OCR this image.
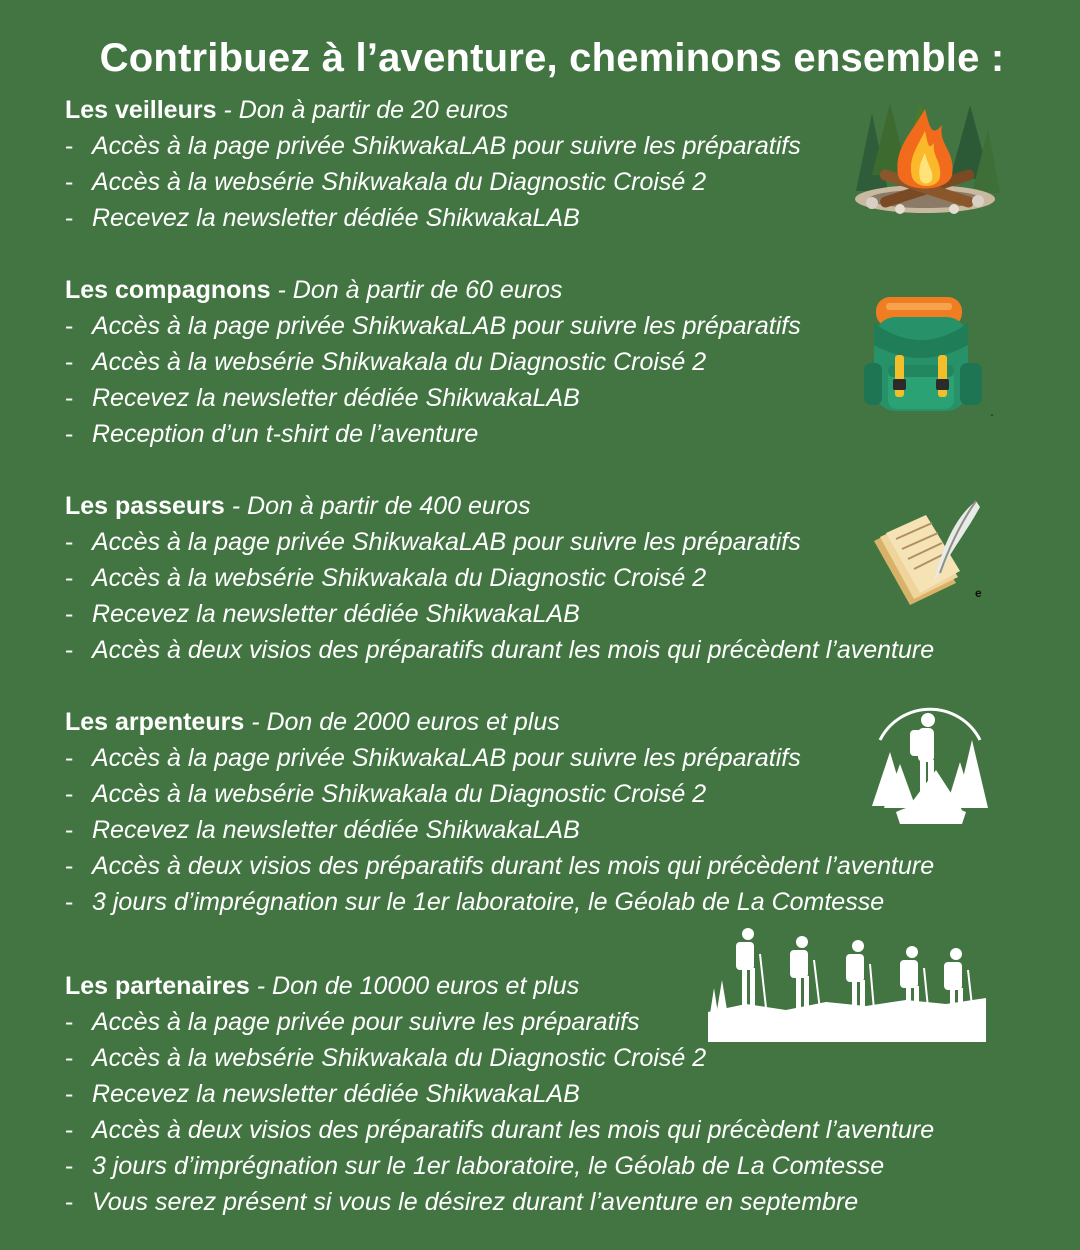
Contribuez à l’aventure, cheminons ensemble :
Les veilleurs - Don à partir de 20 euros
- Accès à la page privée ShikwakaLAB pour suivre les préparatifs
- Accès à la websérie Shikwakala du Diagnostic Croisé 2
- Recevez la newsletter dédiée ShikwakaLAB
Les compagnons - Don à partir de 60 euros
- Accès à la page privée ShikwakaLAB pour suivre les préparatifs
- Accès à la websérie Shikwakala du Diagnostic Croisé 2
- Recevez la newsletter dédiée ShikwakaLAB
- Reception d’un t-shirt de l’aventure
Les passeurs - Don à partir de 400 euros
- Accès à la page privée ShikwakaLAB pour suivre les préparatifs
- Accès à la websérie Shikwakala du Diagnostic Croisé 2
- Recevez la newsletter dédiée ShikwakaLAB
- Accès à deux visios des préparatifs durant les mois qui précèdent l’aventure
Les arpenteurs - Don de 2000 euros et plus
- Accès à la page privée ShikwakaLAB pour suivre les préparatifs
- Accès à la websérie Shikwakala du Diagnostic Croisé 2
- Recevez la newsletter dédiée ShikwakaLAB
- Accès à deux visios des préparatifs durant les mois qui précèdent l’aventure
- 3 jours d’imprégnation sur le 1er laboratoire, le Géolab de La Comtesse
Les partenaires - Don de 10000 euros et plus
- Accès à la page privée pour suivre les préparatifs
- Accès à la websérie Shikwakala du Diagnostic Croisé 2
- Recevez la newsletter dédiée ShikwakaLAB
- Accès à deux visios des préparatifs durant les mois qui précèdent l’aventure
- 3 jours d’imprégnation sur le 1er laboratoire, le Géolab de La Comtesse
- Vous serez présent si vous le désirez durant l’aventure en septembre
e
